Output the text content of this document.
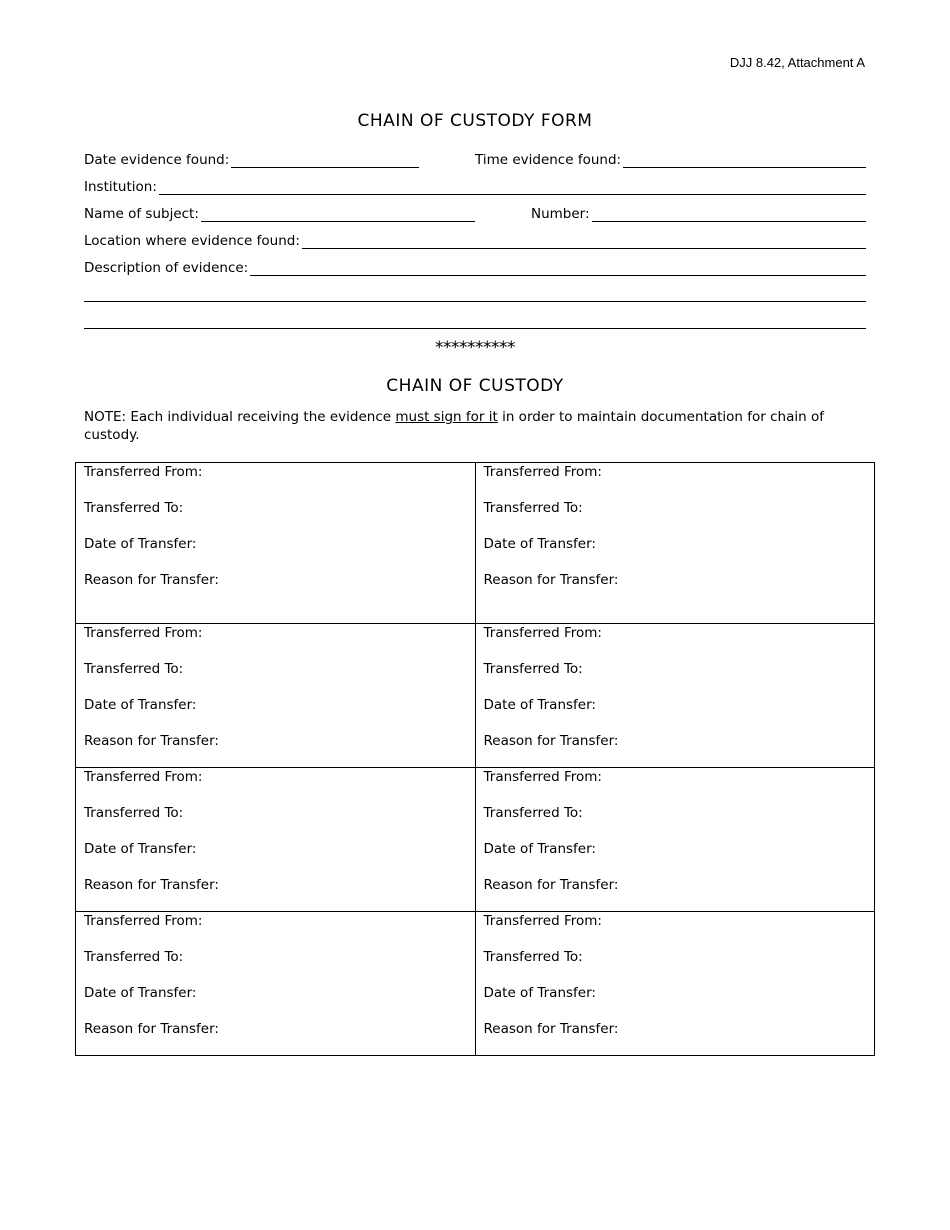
DJJ 8.42, Attachment A
CHAIN OF CUSTODY FORM
Date evidence found:	Time evidence found:
Institution:
Name of subject:	Number:
Location where evidence found:
Description of evidence:
**********
CHAIN OF CUSTODY
NOTE: Each individual receiving the evidence must sign for it in order to maintain documentation for chain of custody.
Transferred From:
Transferred To:
Date of Transfer:
Reason for Transfer:
Transferred From:
Transferred To:
Date of Transfer:
Reason for Transfer:
Transferred From:
Transferred To:
Date of Transfer:
Reason for Transfer:
Transferred From:
Transferred To:
Date of Transfer:
Reason for Transfer:
Transferred From:
Transferred To:
Date of Transfer:
Reason for Transfer:
Transferred From:
Transferred To:
Date of Transfer:
Reason for Transfer:
Transferred From:
Transferred To:
Date of Transfer:
Reason for Transfer:
Transferred From:
Transferred To:
Date of Transfer:
Reason for Transfer:
